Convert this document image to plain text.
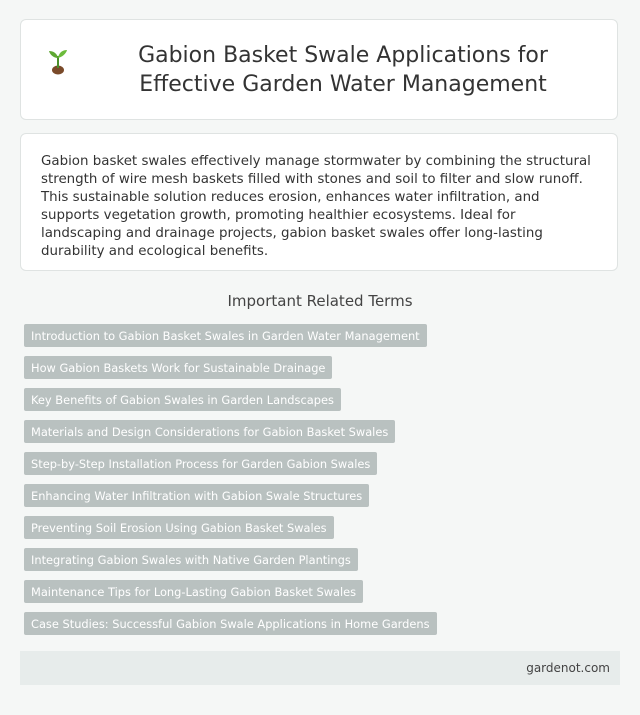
Gabion Basket Swale Applications for Effective Garden Water Management

Gabion basket swales effectively manage stormwater by combining the structural strength of wire mesh baskets filled with stones and soil to filter and slow runoff. This sustainable solution reduces erosion, enhances water infiltration, and supports vegetation growth, promoting healthier ecosystems. Ideal for landscaping and drainage projects, gabion basket swales offer long-lasting durability and ecological benefits.

Important Related Terms
Introduction to Gabion Basket Swales in Garden Water Management
How Gabion Baskets Work for Sustainable Drainage
Key Benefits of Gabion Swales in Garden Landscapes
Materials and Design Considerations for Gabion Basket Swales
Step-by-Step Installation Process for Garden Gabion Swales
Enhancing Water Infiltration with Gabion Swale Structures
Preventing Soil Erosion Using Gabion Basket Swales
Integrating Gabion Swales with Native Garden Plantings
Maintenance Tips for Long-Lasting Gabion Basket Swales
Case Studies: Successful Gabion Swale Applications in Home Gardens
gardenot.com
